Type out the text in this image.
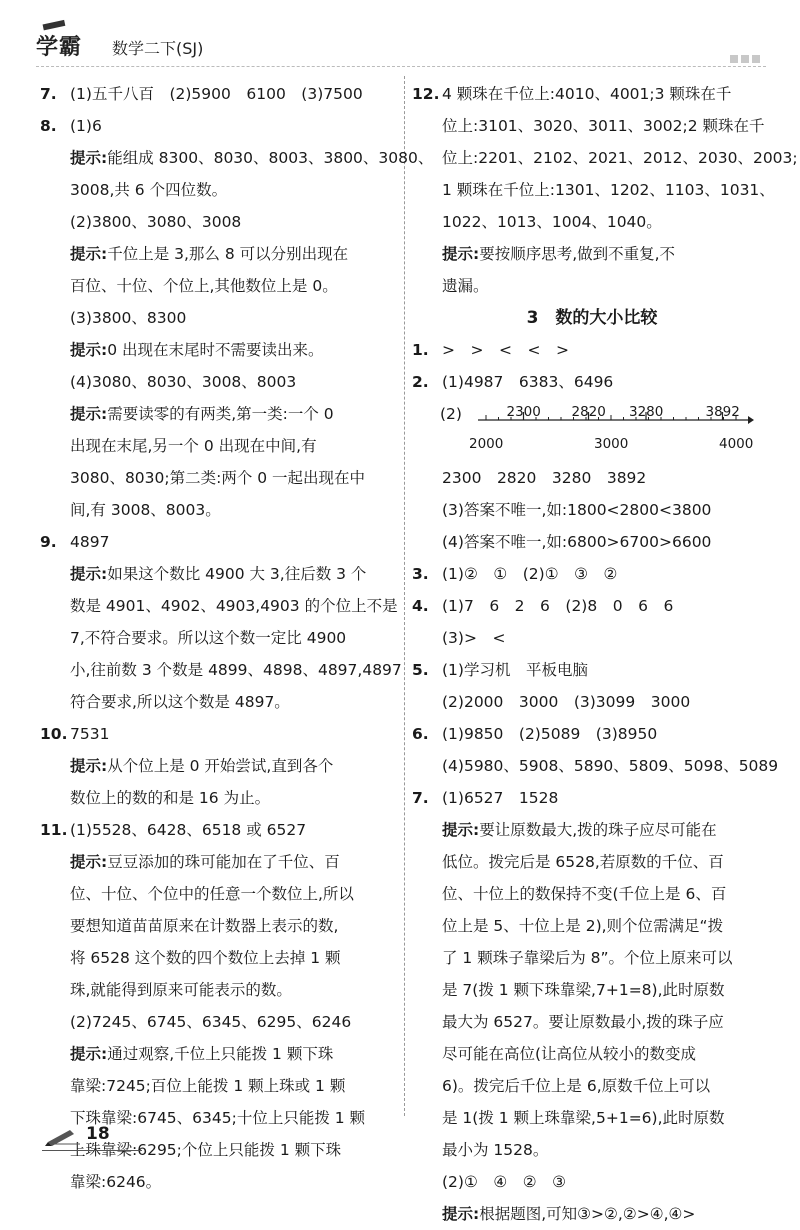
学霸 数学二下(SJ)
7. (1)五千八百　(2)5900　6100　(3)7500
8. (1)6
提示:能组成 8300、8030、8003、3800、3080、
3008,共 6 个四位数。
(2)3800、3080、3008
提示:千位上是 3,那么 8 可以分别出现在
百位、十位、个位上,其他数位上是 0。
(3)3800、8300
提示:0 出现在末尾时不需要读出来。
(4)3080、8030、3008、8003
提示:需要读零的有两类,第一类:一个 0
出现在末尾,另一个 0 出现在中间,有
3080、8030;第二类:两个 0 一起出现在中
间,有 3008、8003。
9. 4897
提示:如果这个数比 4900 大 3,往后数 3 个
数是 4901、4902、4903,4903 的个位上不是
7,不符合要求。所以这个数一定比 4900
小,往前数 3 个数是 4899、4898、4897,4897
符合要求,所以这个数是 4897。
10. 7531
提示:从个位上是 0 开始尝试,直到各个
数位上的数的和是 16 为止。
11. (1)5528、6428、6518 或 6527
提示:豆豆添加的珠可能加在了千位、百
位、十位、个位中的任意一个数位上,所以
要想知道苗苗原来在计数器上表示的数,
将 6528 这个数的四个数位上去掉 1 颗
珠,就能得到原来可能表示的数。
(2)7245、6745、6345、6295、6246
提示:通过观察,千位上只能拨 1 颗下珠
靠梁:7245;百位上能拨 1 颗上珠或 1 颗
下珠靠梁:6745、6345;十位上只能拨 1 颗
上珠靠梁:6295;个位上只能拨 1 颗下珠
靠梁:6246。
12. 4 颗珠在千位上:4010、4001;3 颗珠在千
位上:3101、3020、3011、3002;2 颗珠在千
位上:2201、2102、2021、2012、2030、2003;
1 颗珠在千位上:1301、1202、1103、1031、
1022、1013、1004、1040。
提示:要按顺序思考,做到不重复,不
遗漏。
3　数的大小比较
1. >　>　<　<　>
2. (1)4987　6383、6496
(2)	2300 2820 3280	3892
2000	3000	4000
2300　2820　3280　3892
(3)答案不唯一,如:1800<2800<3800
(4)答案不唯一,如:6800>6700>6600
3. (1)②　①　(2)①　③　②
4. (1)7　6　2　6　(2)8　0　6　6
(3)>　<
5. (1)学习机　平板电脑
(2)2000　3000　(3)3099　3000
6. (1)9850　(2)5089　(3)8950
(4)5980、5908、5890、5809、5098、5089
7. (1)6527　1528
提示:要让原数最大,拨的珠子应尽可能在
低位。拨完后是 6528,若原数的千位、百
位、十位上的数保持不变(千位上是 6、百
位上是 5、十位上是 2),则个位需满足“拨
了 1 颗珠子靠梁后为 8”。个位上原来可以
是 7(拨 1 颗下珠靠梁,7+1=8),此时原数
最大为 6527。要让原数最小,拨的珠子应
尽可能在高位(让高位从较小的数变成
6)。拨完后千位上是 6,原数千位上可以
是 1(拨 1 颗上珠靠梁,5+1=6),此时原数
最小为 1528。
(2)①　④　②　③
提示:根据题图,可知③>②,②>④,④>
18
